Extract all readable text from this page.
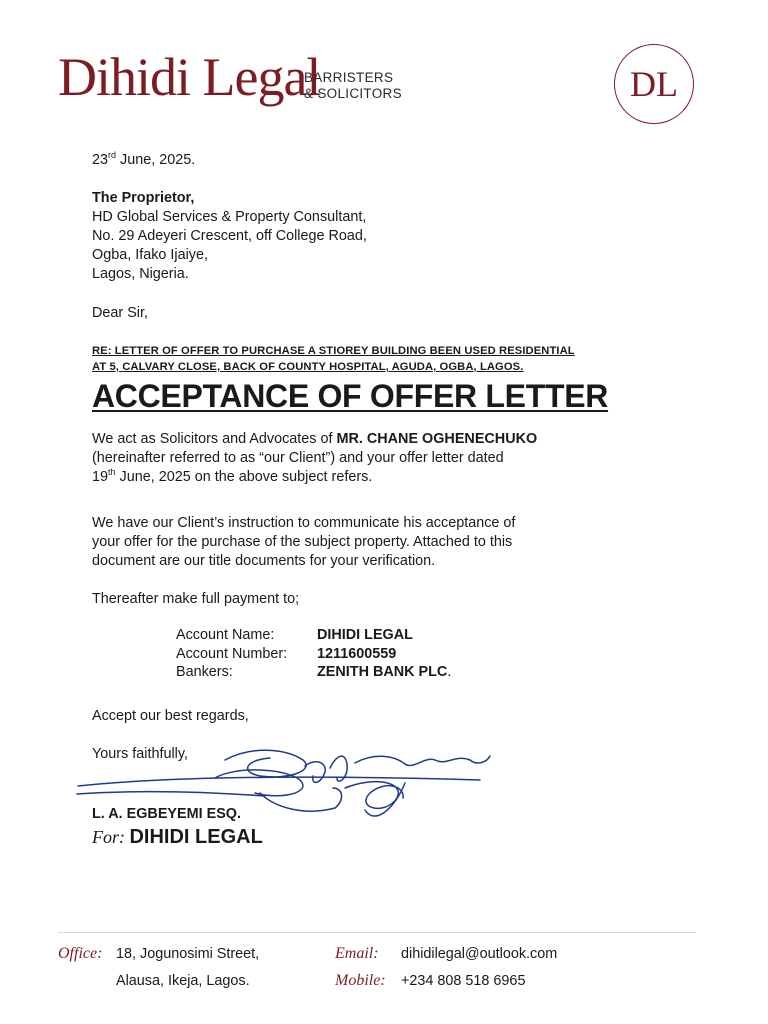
Dihidi Legal
BARRISTERS
& SOLICITORS	DL
23rd June, 2025.
The Proprietor,
HD Global Services & Property Consultant,
No. 29 Adeyeri Crescent, off College Road,
Ogba, Ifako Ijaiye,
Lagos, Nigeria.
Dear Sir,
RE: LETTER OF OFFER TO PURCHASE A STIOREY BUILDING BEEN USED RESIDENTIAL
AT 5, CALVARY CLOSE, BACK OF COUNTY HOSPITAL, AGUDA, OGBA, LAGOS.
ACCEPTANCE OF OFFER LETTER
We act as Solicitors and Advocates of MR. CHANE OGHENECHUKO
(hereinafter referred to as “our Client”) and your offer letter dated
19th June, 2025 on the above subject refers.
We have our Client’s instruction to communicate his acceptance of
your offer for the purchase of the subject property. Attached to this
document are our title documents for your verification.
Thereafter make full payment to;
Account Name:	DIHIDI LEGAL
Account Number:	1211600559
Bankers:	ZENITH BANK PLC.
Accept our best regards,
Yours faithfully,
L. A. EGBEYEMI ESQ.
For: DIHIDI LEGAL
Office: 18, Jogunosimi Street,
Alausa, Ikeja, Lagos.
Email: dihidilegal@outlook.com
Mobile: +234 808 518 6965
